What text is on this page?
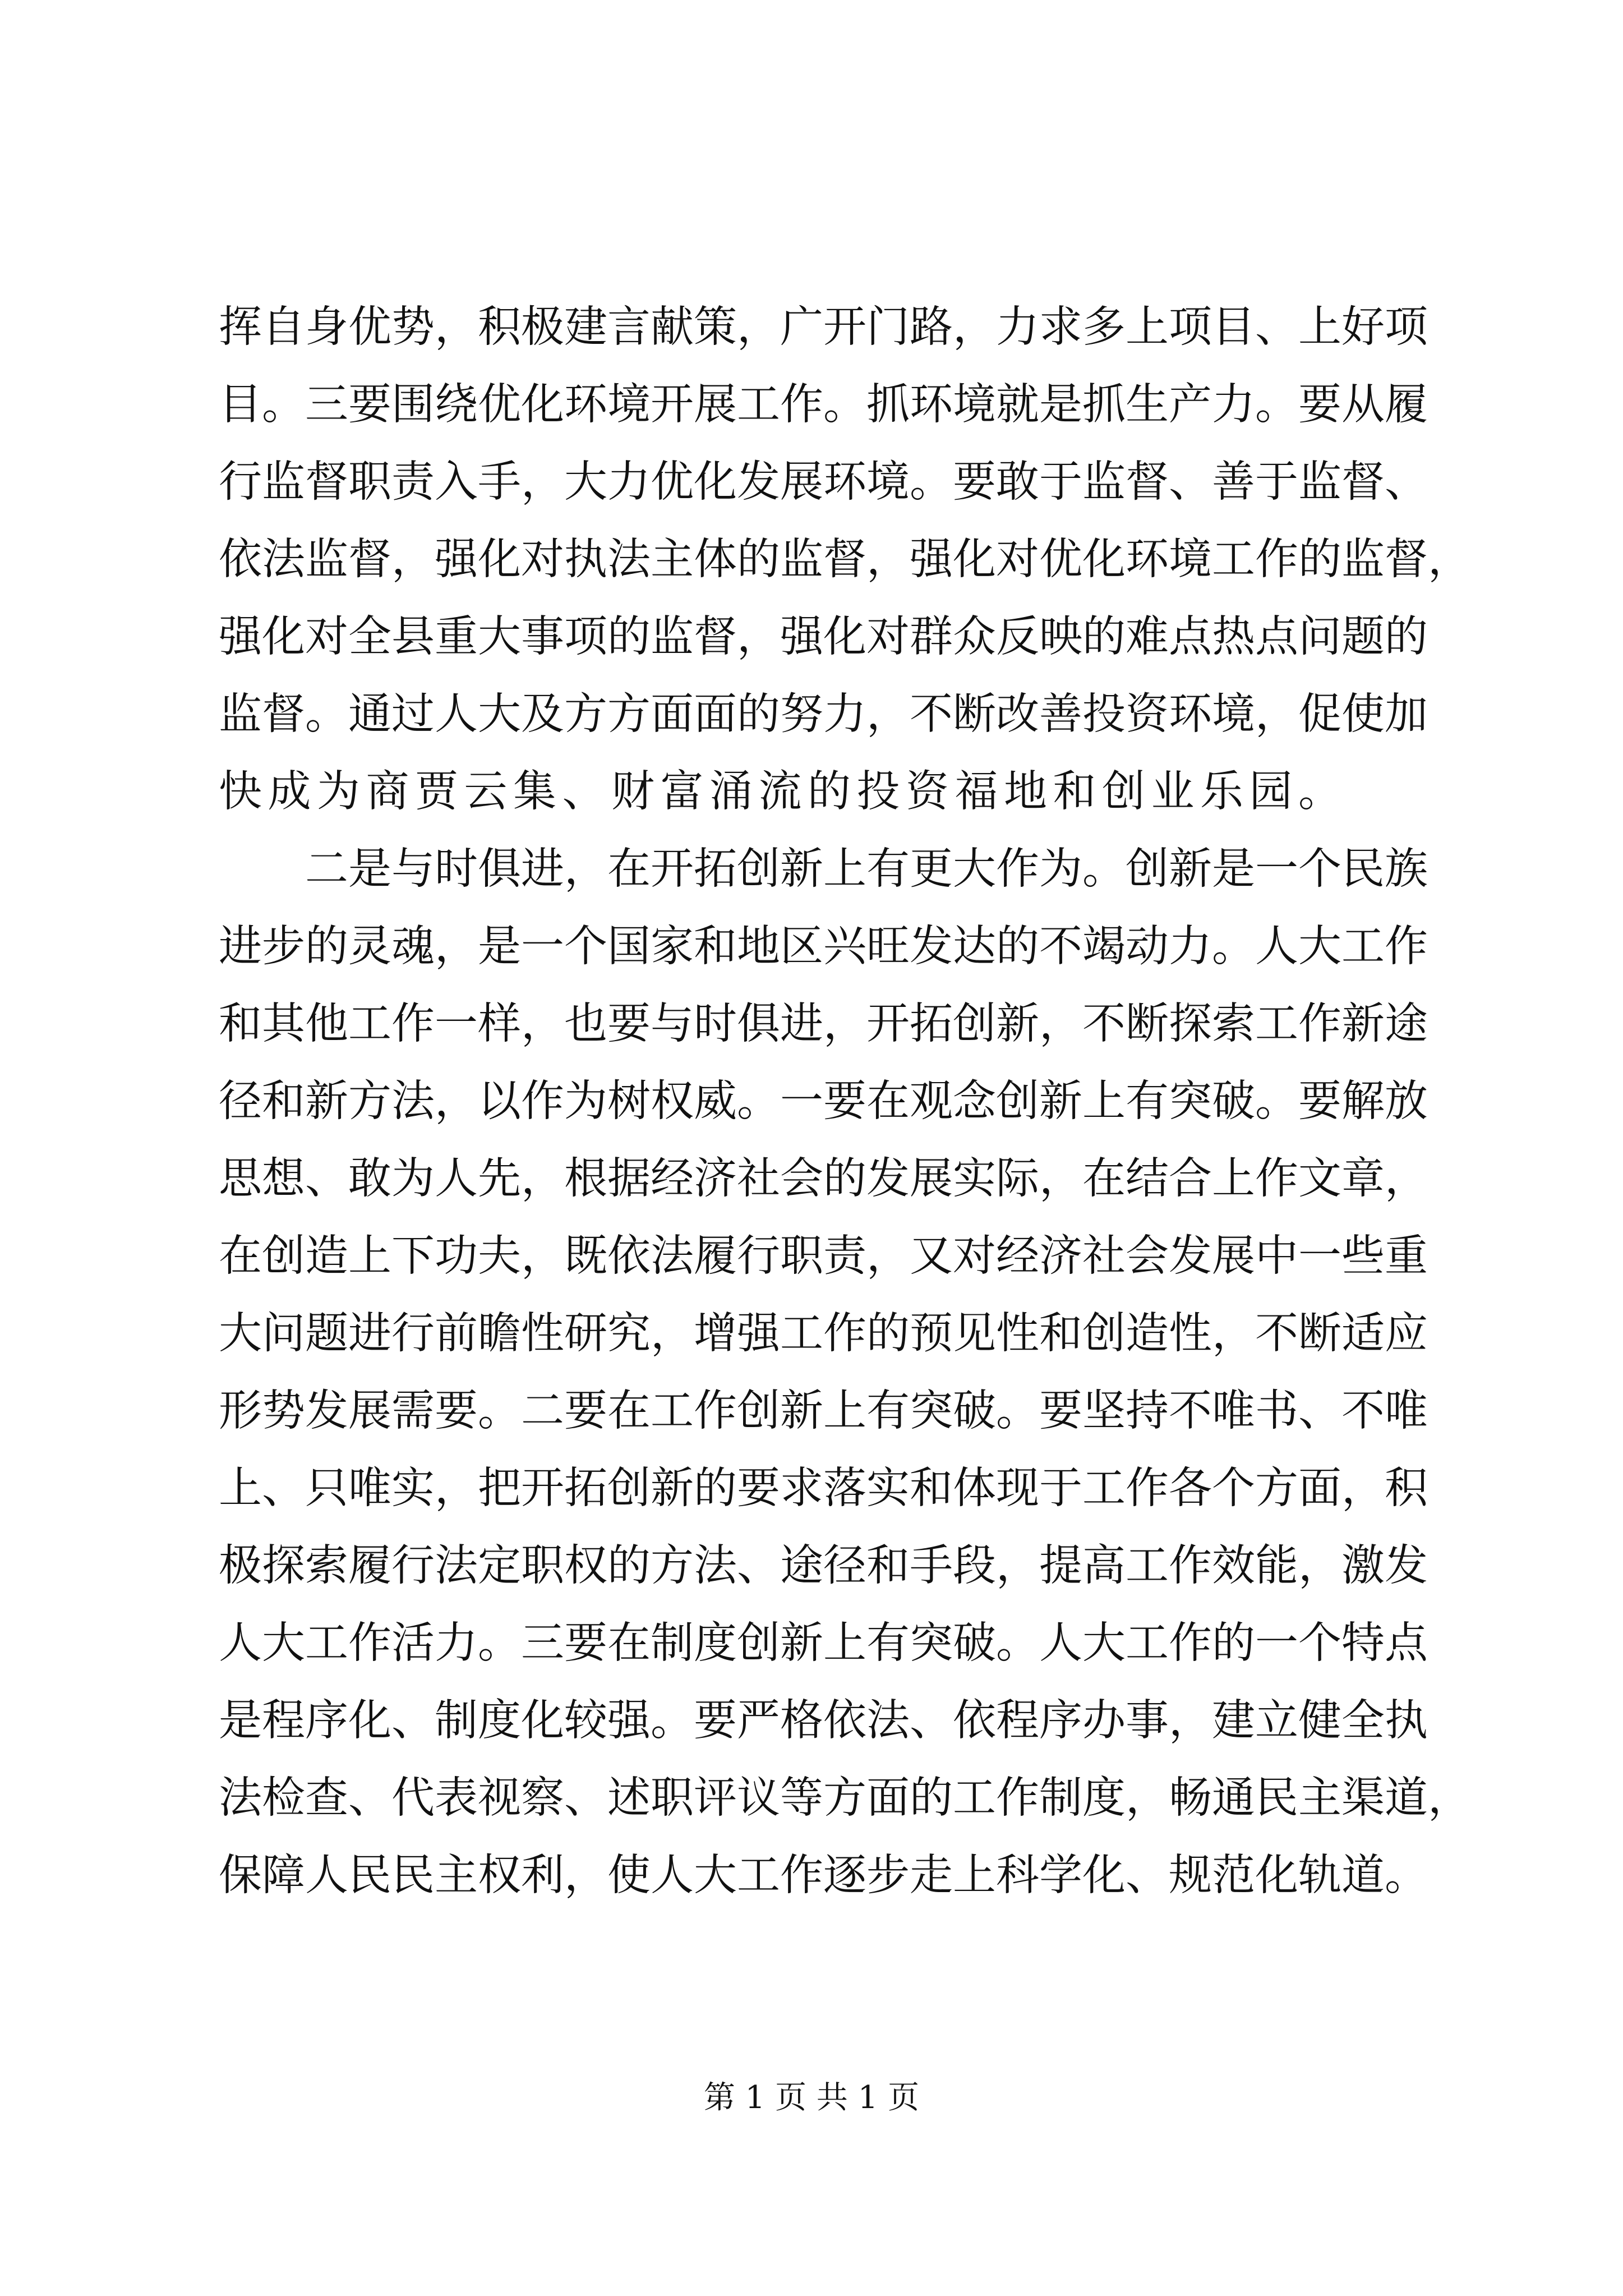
挥 自 身 优 势 ， 积 极 建 言 献 策 ， 广 开 门 路 ， 力 求 多 上 项 目 、 上 好 项
目 。 三 要 围 绕 优 化 环 境 开 展 工 作 。 抓 环 境 就 是 抓 生 产 力 。 要 从 履
行 监 督 职 责 入 手 ， 大 力 优 化 发 展 环 境 。 要 敢 于 监 督 、 善 于 监 督 、
依 法 监 督 ， 强 化 对 执 法 主 体 的 监 督 ， 强 化 对 优 化 环 境 工 作 的 监 督 ，
强 化 对 全 县 重 大 事 项 的 监 督 ， 强 化 对 群 众 反 映 的 难 点 热 点 问 题 的
监 督 。 通 过 人 大 及 方 方 面 面 的 努 力 ， 不 断 改 善 投 资 环 境 ， 促 使 加
快成为商贾云集、财富涌流的投资福地和创业乐园。

二 是 与 时 俱 进 ， 在 开 拓 创 新 上 有 更 大 作 为 。 创 新 是 一 个 民 族
进 步 的 灵 魂 ， 是 一 个 国 家 和 地 区 兴 旺 发 达 的 不 竭 动 力 。 人 大 工 作
和 其 他 工 作 一 样 ， 也 要 与 时 俱 进 ， 开 拓 创 新 ， 不 断 探 索 工 作 新 途
径 和 新 方 法 ， 以 作 为 树 权 威 。 一 要 在 观 念 创 新 上 有 突 破 。 要 解 放
思 想 、 敢 为 人 先 ， 根 据 经 济 社 会 的 发 展 实 际 ， 在 结 合 上 作 文 章 ，
在 创 造 上 下 功 夫 ， 既 依 法 履 行 职 责 ， 又 对 经 济 社 会 发 展 中 一 些 重
大 问 题 进 行 前 瞻 性 研 究 ， 增 强 工 作 的 预 见 性 和 创 造 性 ， 不 断 适 应
形 势 发 展 需 要 。 二 要 在 工 作 创 新 上 有 突 破 。 要 坚 持 不 唯 书 、 不 唯
上 、 只 唯 实 ， 把 开 拓 创 新 的 要 求 落 实 和 体 现 于 工 作 各 个 方 面 ， 积
极 探 索 履 行 法 定 职 权 的 方 法 、 途 径 和 手 段 ， 提 高 工 作 效 能 ， 激 发
人 大 工 作 活 力 。 三 要 在 制 度 创 新 上 有 突 破 。 人 大 工 作 的 一 个 特 点
是 程 序 化 、 制 度 化 较 强 。 要 严 格 依 法 、 依 程 序 办 事 ， 建 立 健 全 执
法 检 查 、 代 表 视 察 、 述 职 评 议 等 方 面 的 工 作 制 度 ， 畅 通 民 主 渠 道 ，
保 障 人 民 民 主 权 利 ， 使 人 大 工 作 逐 步 走 上 科 学 化 、 规 范 化 轨 道 。
第 1 页 共 1 页
